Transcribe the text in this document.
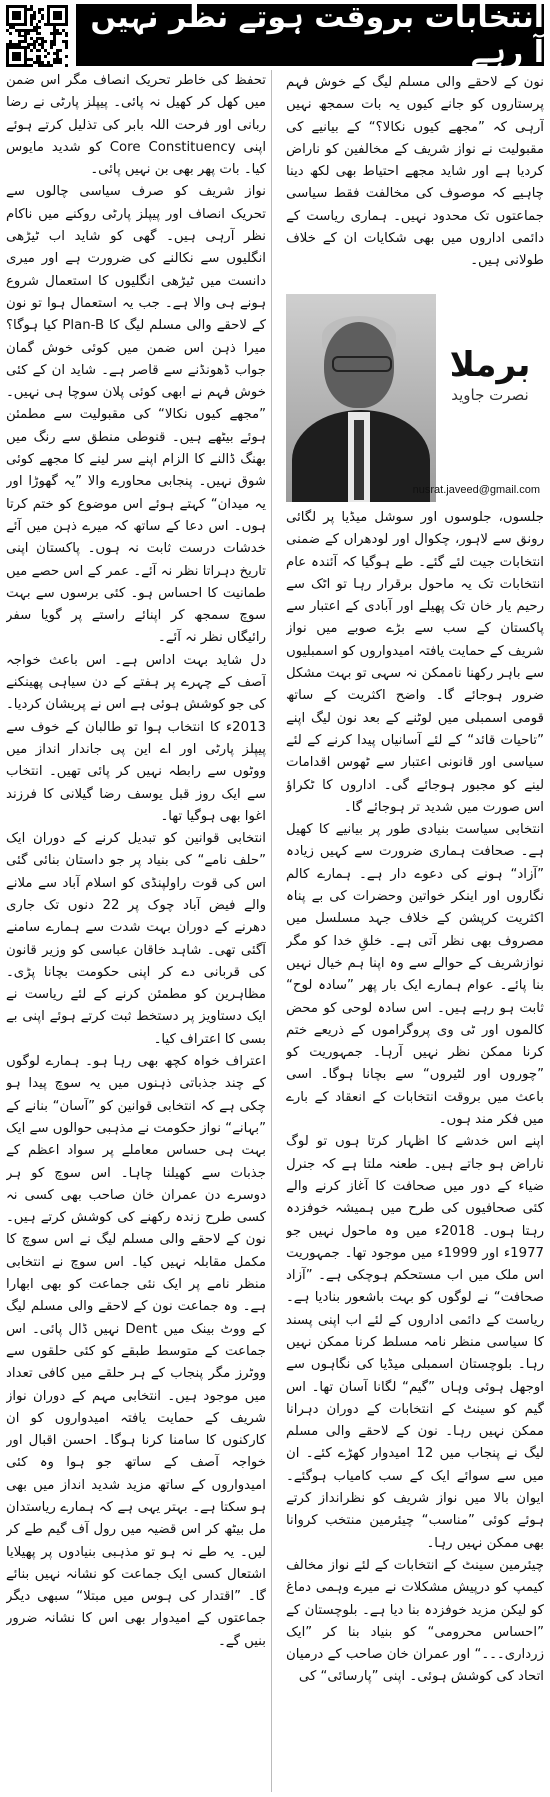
انتخابات بروقت ہوتے نظر نہیں آ رہے

نون کے لاحقے والی مسلم لیگ کے خوش فہم پرستاروں کو جانے کیوں یہ بات سمجھ نہیں آرہی کہ ”مجھے کیوں نکالا؟“ کے بیانیے کی مقبولیت نے نواز شریف کے مخالفین کو ناراض کردیا ہے اور شاید مجھے احتیاط بھی لکھ دینا چاہیے کہ موصوف کی مخالفت فقط سیاسی جماعتوں تک محدود نہیں۔ ہماری ریاست کے دائمی اداروں میں بھی شکایات ان کے خلاف طولانی ہیں۔

برملا
نصرت جاوید
nusrat.javeed@gmail.com

جلسوں، جلوسوں اور سوشل میڈیا پر لگائی رونق سے لاہور، چکوال اور لودھراں کے ضمنی انتخابات جیت لئے گئے۔ طے ہوگیا کہ آئندہ عام انتخابات تک یہ ماحول برقرار رہا تو اٹک سے رحیم یار خان تک پھیلے اور آبادی کے اعتبار سے پاکستان کے سب سے بڑے صوبے میں نواز شریف کے حمایت یافتہ امیدواروں کو اسمبلیوں سے باہر رکھنا ناممکن نہ سہی تو بہت مشکل ضرور ہوجائے گا۔ واضح اکثریت کے ساتھ قومی اسمبلی میں لوٹنے کے بعد نون لیگ اپنے ”تاحیات قائد“ کے لئے آسانیاں پیدا کرنے کے لئے سیاسی اور قانونی اعتبار سے ٹھوس اقدامات لینے کو مجبور ہوجائے گی۔ اداروں کا ٹکراؤ اس صورت میں شدید تر ہوجائے گا۔

انتخابی سیاست بنیادی طور پر بیانیے کا کھیل ہے۔ صحافت ہماری ضرورت سے کہیں زیادہ ”آزاد“ ہونے کی دعوے دار ہے۔ ہمارے کالم نگاروں اور اینکر خواتین وحضرات کی بے پناہ اکثریت کرپشن کے خلاف جہد مسلسل میں مصروف بھی نظر آتی ہے۔ خلقِ خدا کو مگر نوازشریف کے حوالے سے وہ اپنا ہم خیال نہیں بنا پائے۔ عوام ہمارے ایک بار پھر ”سادہ لوح“ ثابت ہو رہے ہیں۔ اس سادہ لوحی کو محض کالموں اور ٹی وی پروگراموں کے ذریعے ختم کرنا ممکن نظر نہیں آرہا۔ جمہوریت کو ”چوروں اور لٹیروں“ سے بچانا ہوگا۔ اسی باعث میں بروقت انتخابات کے انعقاد کے بارے میں فکر مند ہوں۔

اپنے اس خدشے کا اظہار کرتا ہوں تو لوگ ناراض ہو جاتے ہیں۔ طعنہ ملتا ہے کہ جنرل ضیاء کے دور میں صحافت کا آغاز کرنے والے کئی صحافیوں کی طرح میں ہمیشہ خوفزدہ رہتا ہوں۔ 2018ء میں وہ ماحول نہیں جو 1977ء اور 1999ء میں موجود تھا۔ جمہوریت اس ملک میں اب مستحکم ہوچکی ہے۔ ”آزاد صحافت“ نے لوگوں کو بہت باشعور بنادیا ہے۔ ریاست کے دائمی اداروں کے لئے اب اپنی پسند کا سیاسی منظر نامہ مسلط کرنا ممکن نہیں رہا۔ بلوچستان اسمبلی میڈیا کی نگاہوں سے اوجھل ہوئی وہاں ”گیم“ لگانا آسان تھا۔ اس گیم کو سینٹ کے انتخابات کے دوران دہرانا ممکن نہیں رہا۔ نون کے لاحقے والی مسلم لیگ نے پنجاب میں 12 امیدوار کھڑے کئے۔ ان میں سے سوائے ایک کے سب کامیاب ہوگئے۔ ایوان بالا میں نواز شریف کو نظرانداز کرتے ہوئے کوئی ”مناسب“ چیئرمین منتخب کروانا بھی ممکن نہیں رہا۔

چیئرمین سینٹ کے انتخابات کے لئے نواز مخالف کیمپ کو درپیش مشکلات نے میرے وہمی دماغ کو لیکن مزید خوفزدہ بنا دیا ہے۔ بلوچستان کے ”احساس محرومی“ کو بنیاد بنا کر ”ایک زرداری۔۔۔“ اور عمران خان صاحب کے درمیان اتحاد کی کوشش ہوئی۔ اپنی ”پارسائی“ کی

تحفظ کی خاطر تحریک انصاف مگر اس ضمن میں کھل کر کھیل نہ پائی۔ پیپلز پارٹی نے رضا ربانی اور فرحت اللہ بابر کی تذلیل کرتے ہوئے اپنی Core Constituency کو شدید مایوس کیا۔ بات پھر بھی بن نہیں پائی۔

نواز شریف کو صرف سیاسی چالوں سے تحریک انصاف اور پیپلز پارٹی روکنے میں ناکام نظر آرہی ہیں۔ گھی کو شاید اب ٹیڑھی انگلیوں سے نکالنے کی ضرورت ہے اور میری دانست میں ٹیڑھی انگلیوں کا استعمال شروع ہونے ہی والا ہے۔ جب یہ استعمال ہوا تو نون کے لاحقے والی مسلم لیگ کا Plan-B کیا ہوگا؟ میرا ذہن اس ضمن میں کوئی خوش گمان جواب ڈھونڈنے سے قاصر ہے۔ شاید ان کے کئی خوش فہم نے ابھی کوئی پلان سوچا ہی نہیں۔ ”مجھے کیوں نکالا“ کی مقبولیت سے مطمئن ہوئے بیٹھے ہیں۔ قنوطی منطق سے رنگ میں بھنگ ڈالنے کا الزام اپنے سر لینے کا مجھے کوئی شوق نہیں۔ پنجابی محاورے والا ”یہ گھوڑا اور یہ میدان“ کہتے ہوئے اس موضوع کو ختم کرتا ہوں۔ اس دعا کے ساتھ کہ میرے ذہن میں آئے خدشات درست ثابت نہ ہوں۔ پاکستان اپنی تاریخ دہراتا نظر نہ آئے۔ عمر کے اس حصے میں طمانیت کا احساس ہو۔ کئی برسوں سے بہت سوچ سمجھ کر اپنائے راستے پر گویا سفر رائیگاں نظر نہ آئے۔

دل شاید بہت اداس ہے۔ اس باعث خواجہ آصف کے چہرے پر ہفتے کے دن سیاہی پھینکنے کی جو کوشش ہوئی ہے اس نے پریشان کردیا۔ 2013ء کا انتخاب ہوا تو طالبان کے خوف سے پیپلز پارٹی اور اے این پی جاندار انداز میں ووٹوں سے رابطہ نہیں کر پائی تھیں۔ انتخاب سے ایک روز قبل یوسف رضا گیلانی کا فرزند اغوا بھی ہوگیا تھا۔

انتخابی قوانین کو تبدیل کرنے کے دوران ایک ”حلف نامے“ کی بنیاد پر جو داستان بنائی گئی اس کی قوت راولپنڈی کو اسلام آباد سے ملانے والے فیض آباد چوک پر 22 دنوں تک جاری دھرنے کے دوران بہت شدت سے ہمارے سامنے آگئی تھی۔ شاہد خاقان عباسی کو وزیر قانون کی قربانی دے کر اپنی حکومت بچانا پڑی۔ مظاہرین کو مطمئن کرنے کے لئے ریاست نے ایک دستاویز پر دستخط ثبت کرتے ہوئے اپنی بے بسی کا اعتراف کیا۔

اعتراف خواہ کچھ بھی رہا ہو۔ ہمارے لوگوں کے چند جذباتی ذہنوں میں یہ سوچ پیدا ہو چکی ہے کہ انتخابی قوانین کو ”آسان“ بنانے کے ”بہانے“ نواز حکومت نے مذہبی حوالوں سے ایک بہت ہی حساس معاملے پر سواد اعظم کے جذبات سے کھیلنا چاہا۔ اس سوچ کو ہر دوسرے دن عمران خان صاحب بھی کسی نہ کسی طرح زندہ رکھنے کی کوشش کرتے ہیں۔ نون کے لاحقے والی مسلم لیگ نے اس سوچ کا مکمل مقابلہ نہیں کیا۔ اس سوچ نے انتخابی منظر نامے پر ایک نئی جماعت کو بھی ابھارا ہے۔ وہ جماعت نون کے لاحقے والی مسلم لیگ کے ووٹ بینک میں Dent نہیں ڈال پائی۔ اس جماعت کے متوسط طبقے کو کئی حلقوں سے ووٹرز مگر پنجاب کے ہر حلقے میں کافی تعداد میں موجود ہیں۔ انتخابی مہم کے دوران نواز شریف کے حمایت یافتہ امیدواروں کو ان کارکنوں کا سامنا کرنا ہوگا۔ احسن اقبال اور خواجہ آصف کے ساتھ جو ہوا وہ کئی امیدواروں کے ساتھ مزید شدید انداز میں بھی ہو سکتا ہے۔ بہتر یہی ہے کہ ہمارے ریاستدان مل بیٹھ کر اس قضیہ میں رول آف گیم طے کر لیں۔ یہ طے نہ ہو تو مذہبی بنیادوں پر پھیلایا اشتعال کسی ایک جماعت کو نشانہ نہیں بنائے گا۔ ”اقتدار کی ہوس میں مبتلا“ سبھی دیگر جماعتوں کے امیدوار بھی اس کا نشانہ ضرور بنیں گے۔
